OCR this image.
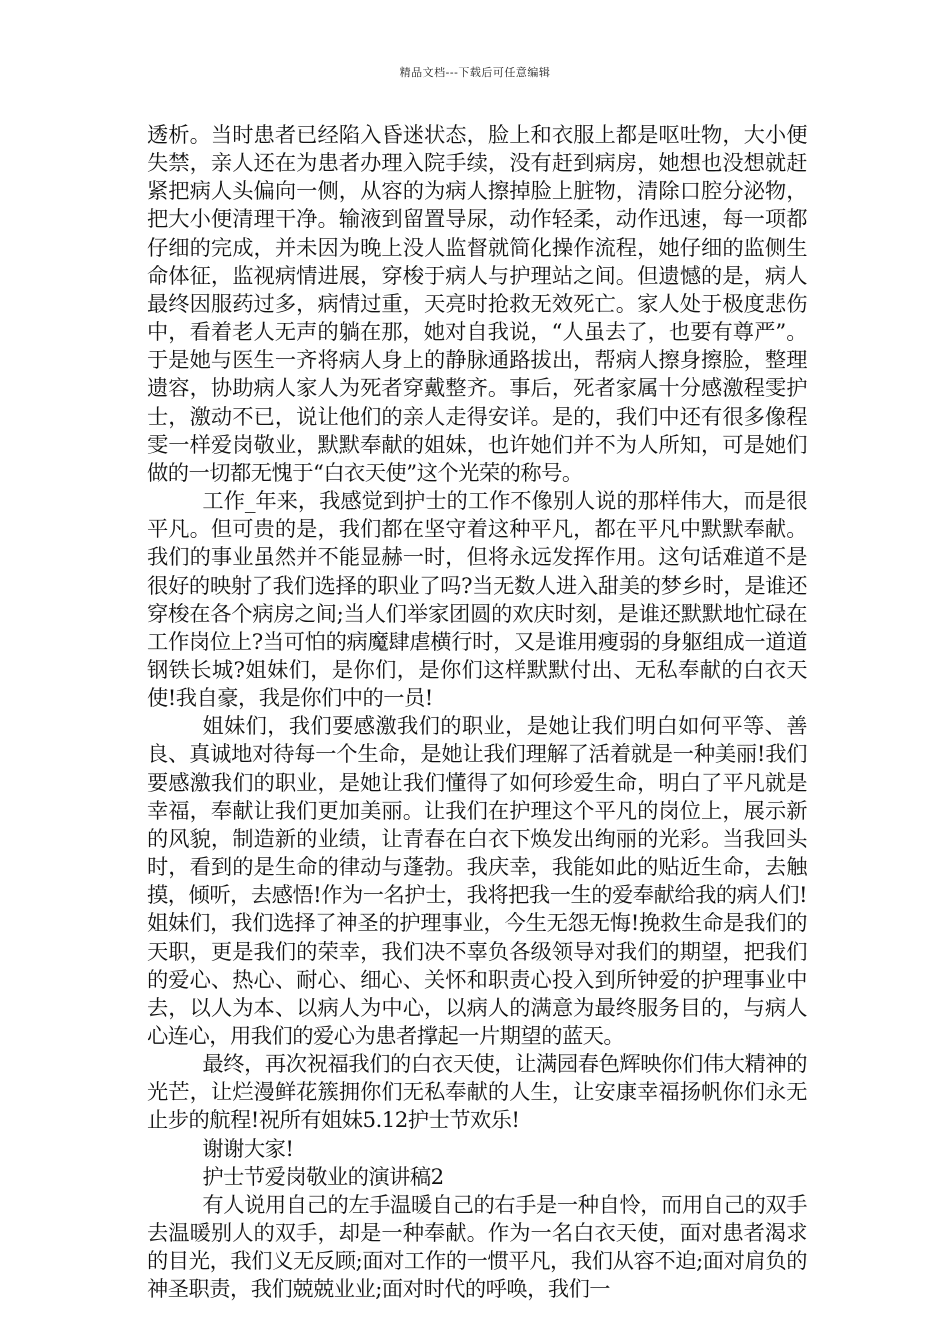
精品文档---下载后可任意编辑

透析。当时患者已经陷入昏迷状态，脸上和衣服上都是呕吐物，大小便失禁，亲人还在为患者办理入院手续，没有赶到病房，她想也没想就赶紧把病人头偏向一侧，从容的为病人擦掉脸上脏物，清除口腔分泌物，把大小便清理干净。输液到留置导尿，动作轻柔，动作迅速，每一项都仔细的完成，并未因为晚上没人监督就简化操作流程，她仔细的监侧生命体征，监视病情进展，穿梭于病人与护理站之间。但遗憾的是，病人最终因服药过多，病情过重，天亮时抢救无效死亡。家人处于极度悲伤中，看着老人无声的躺在那，她对自我说，“人虽去了，也要有尊严”。于是她与医生一齐将病人身上的静脉通路拔出，帮病人擦身擦脸，整理遗容，协助病人家人为死者穿戴整齐。事后，死者家属十分感激程雯护士，激动不已，说让他们的亲人走得安详。是的，我们中还有很多像程雯一样爱岗敬业，默默奉献的姐妹，也许她们并不为人所知，可是她们做的一切都无愧于“白衣天使”这个光荣的称号。

工作_年来，我感觉到护士的工作不像别人说的那样伟大，而是很平凡。但可贵的是，我们都在坚守着这种平凡，都在平凡中默默奉献。我们的事业虽然并不能显赫一时，但将永远发挥作用。这句话难道不是很好的映射了我们选择的职业了吗?当无数人进入甜美的梦乡时，是谁还穿梭在各个病房之间;当人们举家团圆的欢庆时刻，是谁还默默地忙碌在工作岗位上?当可怕的病魔肆虐横行时，又是谁用瘦弱的身躯组成一道道钢铁长城?姐妹们，是你们，是你们这样默默付出、无私奉献的白衣天使!我自豪，我是你们中的一员!

姐妹们，我们要感激我们的职业，是她让我们明白如何平等、善良、真诚地对待每一个生命，是她让我们理解了活着就是一种美丽!我们要感激我们的职业，是她让我们懂得了如何珍爱生命，明白了平凡就是幸福，奉献让我们更加美丽。让我们在护理这个平凡的岗位上，展示新的风貌，制造新的业绩，让青春在白衣下焕发出绚丽的光彩。当我回头时，看到的是生命的律动与蓬勃。我庆幸，我能如此的贴近生命，去触摸，倾听，去感悟!作为一名护士，我将把我一生的爱奉献给我的病人们!姐妹们，我们选择了神圣的护理事业，今生无怨无悔!挽救生命是我们的天职，更是我们的荣幸，我们决不辜负各级领导对我们的期望，把我们的爱心、热心、耐心、细心、关怀和职责心投入到所钟爱的护理事业中去，以人为本、以病人为中心，以病人的满意为最终服务目的，与病人心连心，用我们的爱心为患者撑起一片期望的蓝天。

最终，再次祝福我们的白衣天使，让满园春色辉映你们伟大精神的光芒，让烂漫鲜花簇拥你们无私奉献的人生，让安康幸福扬帆你们永无止步的航程!祝所有姐妹5.12护士节欢乐!

谢谢大家!

护士节爱岗敬业的演讲稿2

有人说用自己的左手温暖自己的右手是一种自怜，而用自己的双手去温暖别人的双手，却是一种奉献。作为一名白衣天使，面对患者渴求的目光，我们义无反顾;面对工作的一惯平凡，我们从容不迫;面对肩负的神圣职责，我们兢兢业业;面对时代的呼唤，我们一
